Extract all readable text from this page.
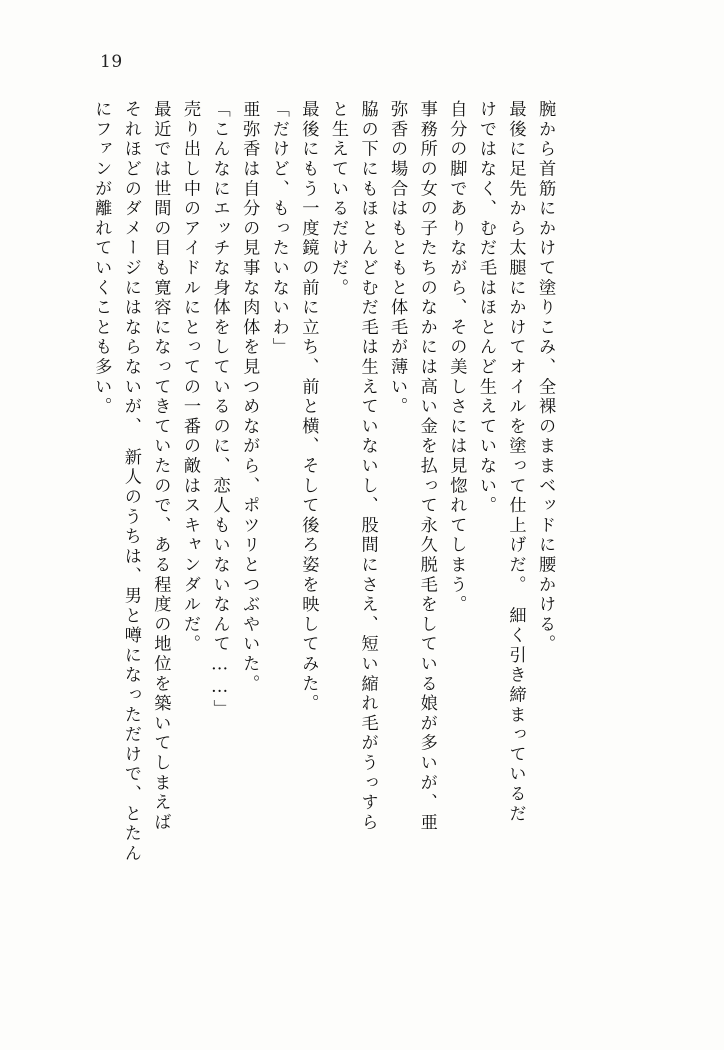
19
にファンが離れていくことも多い。 それほどのダメージにはならないが、　新人のうちは、男と噂になっただけで、とたん 最近では世間の目も寛容になってきていたので、ある程度の地位を築いてしまえば 売り出し中のアイドルにとっての一番の敵はスキャンダルだ。 「こんなにエッチな身体をしているのに、恋人もいないなんて……」 亜弥香は自分の見事な肉体を見つめながら、ポツリとつぶやいた。 「だけど、もったいないわ」 最後にもう一度鏡の前に立ち、前と横、そして後ろ姿を映してみた。 と生えているだけだ。 脇の下にもほとんどむだ毛は生えていないし、股間にさえ、短い縮れ毛がうっすら 弥香の場合はもともと体毛が薄い。 事務所の女の子たちのなかには高い金を払って永久脱毛をしている娘が多いが、亜 自分の脚でありながら、その美しさには見惚れてしまう。 けではなく、むだ毛はほとんど生えていない。 最後に足先から太腿にかけてオイルを塗って仕上げだ。　細く引き締まっているだ 腕から首筋にかけて塗りこみ、全裸のままベッドに腰かける。
